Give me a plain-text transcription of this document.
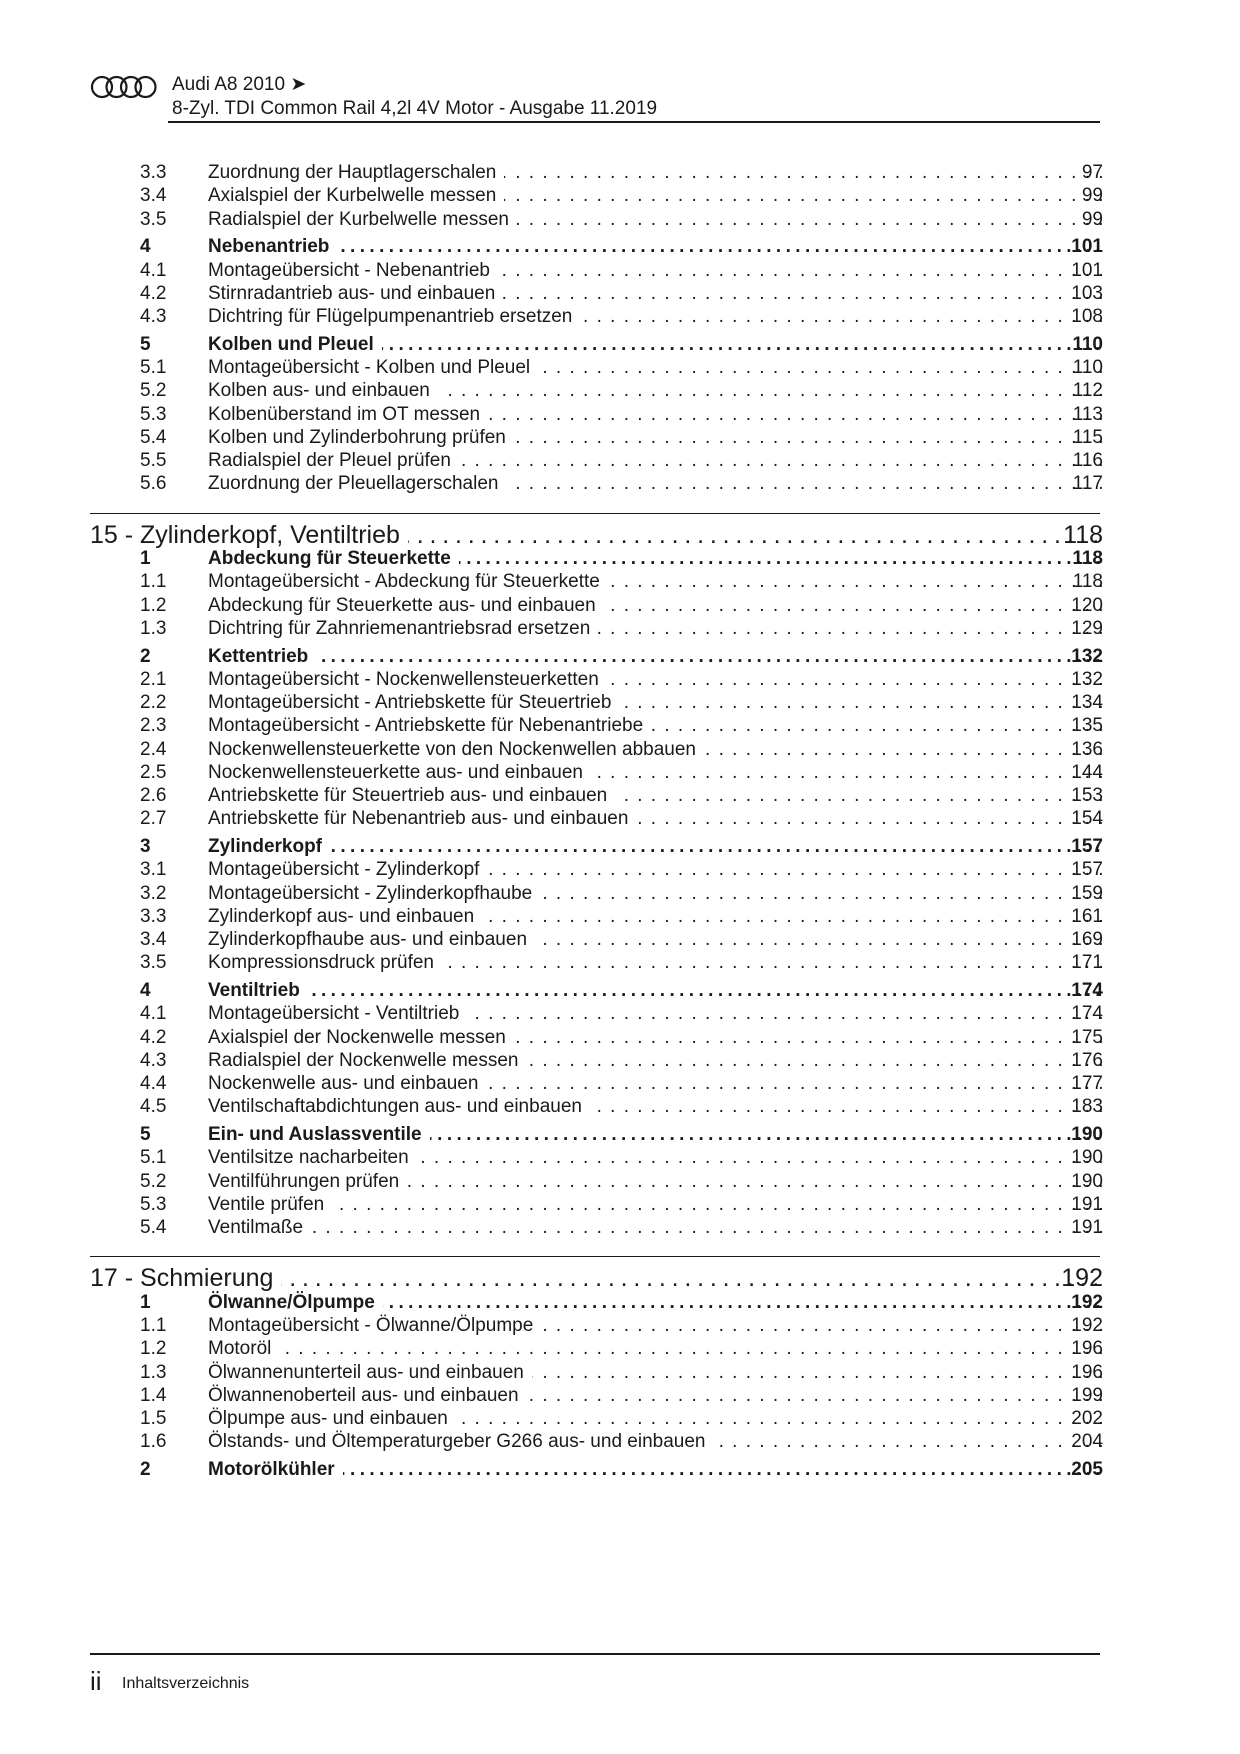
Audi A8 2010 ➤
8-Zyl. TDI Common Rail 4,2l 4V Motor - Ausgabe 11.2019
3.3 Zuordnung der Hauptlagerschalen . . .	97
3.4 Axialspiel der Kurbelwelle messen . . .	99
3.5 Radialspiel der Kurbelwelle messen . . .	99
4	Nebenantrieb .....	101
4.1 Montageübersicht - Nebenantrieb . . .	101
4.2 Stirnradantrieb aus- und einbauen . . .	103
4.3 Dichtring für Flügelpumpenantrieb ersetzen . . .	108
5	Kolben und Pleuel .....	110
5.1 Montageübersicht - Kolben und Pleuel . . .	110
5.2 Kolben aus- und einbauen . . .	112
5.3 Kolbenüberstand im OT messen . . .	113
5.4 Kolben und Zylinderbohrung prüfen . . .	115
5.5 Radialspiel der Pleuel prüfen . . .	116
5.6 Zuordnung der Pleuellagerschalen . . .	117
15 - Zylinderkopf, Ventiltrieb .....	118
1	Abdeckung für Steuerkette .....	118
1.1 Montageübersicht - Abdeckung für Steuerkette . . .	118
1.2 Abdeckung für Steuerkette aus- und einbauen . . .	120
1.3 Dichtring für Zahnriemenantriebsrad ersetzen . . .	129
2	Kettentrieb .....	132
2.1 Montageübersicht - Nockenwellensteuerketten . . .	132
2.2 Montageübersicht - Antriebskette für Steuertrieb . . .	134
2.3 Montageübersicht - Antriebskette für Nebenantriebe . . .	135
2.4 Nockenwellensteuerkette von den Nockenwellen abbauen . . .	136
2.5 Nockenwellensteuerkette aus- und einbauen . . .	144
2.6 Antriebskette für Steuertrieb aus- und einbauen . . .	153
2.7 Antriebskette für Nebenantrieb aus- und einbauen . . .	154
3	Zylinderkopf .....	157
3.1 Montageübersicht - Zylinderkopf . . .	157
3.2 Montageübersicht - Zylinderkopfhaube . . .	159
3.3 Zylinderkopf aus- und einbauen . . .	161
3.4 Zylinderkopfhaube aus- und einbauen . . .	169
3.5 Kompressionsdruck prüfen . . .	171
4	Ventiltrieb .....	174
4.1 Montageübersicht - Ventiltrieb . . .	174
4.2 Axialspiel der Nockenwelle messen . . .	175
4.3 Radialspiel der Nockenwelle messen . . .	176
4.4 Nockenwelle aus- und einbauen . . .	177
4.5 Ventilschaftabdichtungen aus- und einbauen . . .	183
5	Ein- und Auslassventile .....	190
5.1 Ventilsitze nacharbeiten . . .	190
5.2 Ventilführungen prüfen . . .	190
5.3 Ventile prüfen . . .	191
5.4 Ventilmaße . . .	191
17 - Schmierung .....	192
1	Ölwanne/Ölpumpe .....	192
1.1 Montageübersicht - Ölwanne/Ölpumpe . . .	192
1.2 Motoröl . . .	196
1.3 Ölwannenunterteil aus- und einbauen . . .	196
1.4 Ölwannenoberteil aus- und einbauen . . .	199
1.5 Ölpumpe aus- und einbauen . . .	202
1.6 Ölstands- und Öltemperaturgeber G266 aus- und einbauen . . .	204
2	Motorölkühler .....	205
ii Inhaltsverzeichnis
